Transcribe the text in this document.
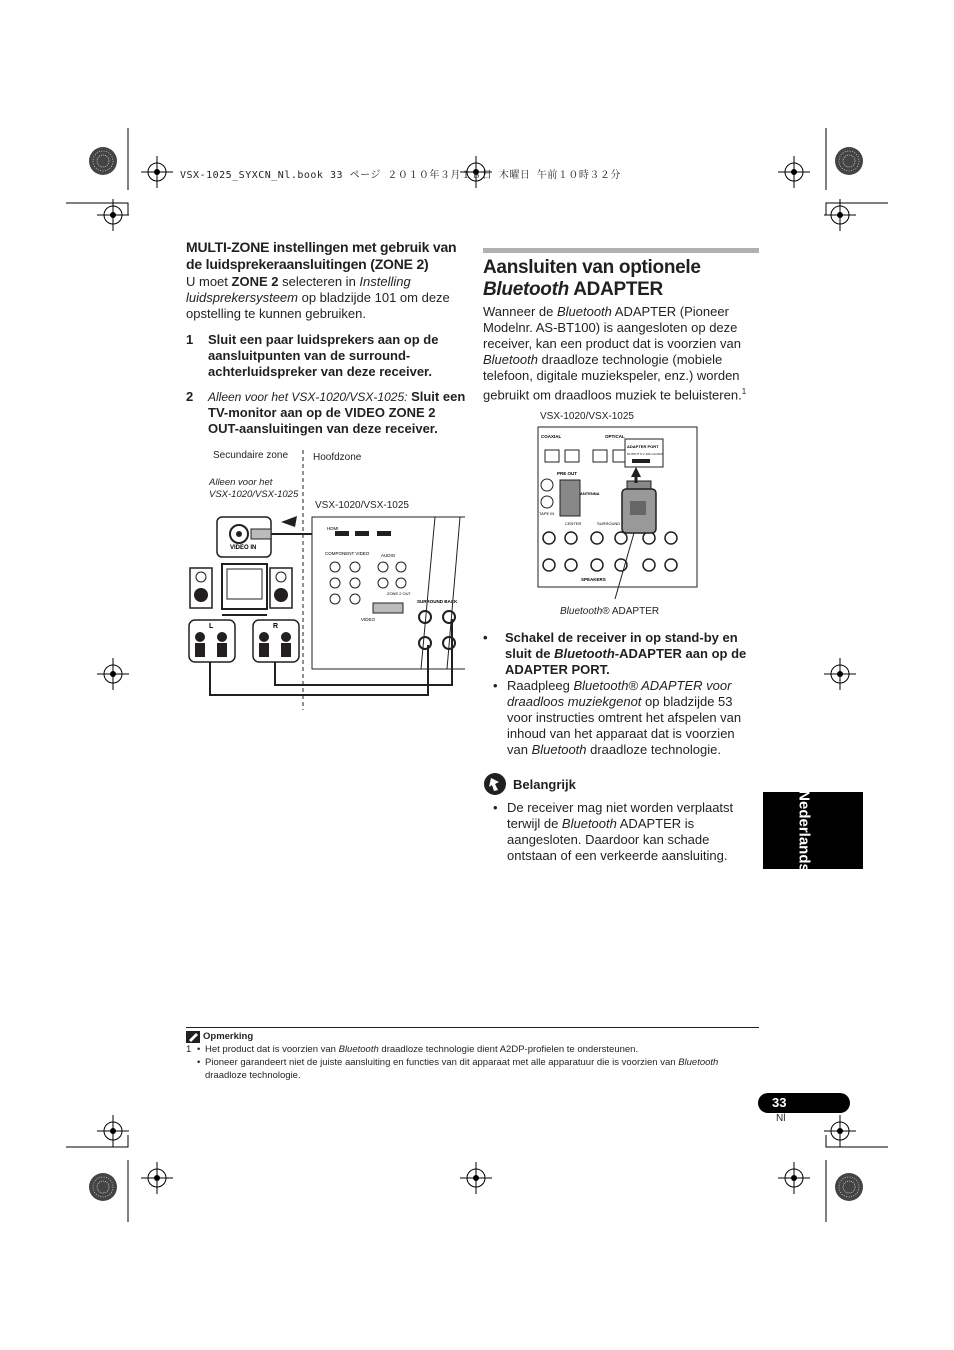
VSX-1025_SYXCN_Nl.book 33 ページ ２０１０年３月１８日 木曜日 午前１０時３２分
MULTI-ZONE instellingen met gebruik van de luidsprekeraansluitingen (ZONE 2)
U moet ZONE 2 selecteren in Instelling luidsprekersysteem op bladzijde 101 om deze opstelling te kunnen gebruiken.
1	Sluit een paar luidsprekers aan op de aansluitpunten van de surround-achterluidspreker van deze receiver.
2	Alleen voor het VSX-1020/VSX-1025: Sluit een TV-monitor aan op de VIDEO ZONE 2 OUT-aansluitingen van deze receiver.
Secundaire zone Hoofdzone
Alleen voor het
VSX-1020/VSX-1025
VSX-1020/VSX-1025
VIDEO IN
L	R
HDMI
COMPONENT VIDEO	AUDIO
ZONE 2 OUT
VIDEO
SURROUND BACK
Aansluiten van optionele
Bluetooth ADAPTER
Wanneer de Bluetooth ADAPTER (Pioneer Modelnr. AS-BT100) is aangesloten op deze receiver, kan een product dat is voorzien van Bluetooth draadloze technologie (mobiele telefoon, digitale muziekspeler, enz.) worden gebruikt om draadloos muziek te beluisteren.$^1$
VSX-1020/VSX-1025
COAXIAL	OPTICAL
ADAPTER PORT
OUTPUT 5 V 100 mA MAX
PRE OUT
TAPE IN
ANTENNA
CENTER	SURROUND
SPEAKERS
Bluetooth® ADAPTER
•	Schakel de receiver in op stand-by en sluit de Bluetooth-ADAPTER aan op de ADAPTER PORT.
• Raadpleeg Bluetooth® ADAPTER voor draadloos muziekgenot op bladzijde 53 voor instructies omtrent het afspelen van inhoud van het apparaat dat is voorzien van Bluetooth draadloze technologie.
Belangrijk
• De receiver mag niet worden verplaatst terwijl de Bluetooth ADAPTER is aangesloten. Daardoor kan schade ontstaan of een verkeerde aansluiting.	Nederlands
Opmerking
1 • Het product dat is voorzien van Bluetooth draadloze technologie dient A2DP-profielen te ondersteunen.
• Pioneer garandeert niet de juiste aansluiting en functies van dit apparaat met alle apparatuur die is voorzien van Bluetooth draadloze technologie.
33
Nl
